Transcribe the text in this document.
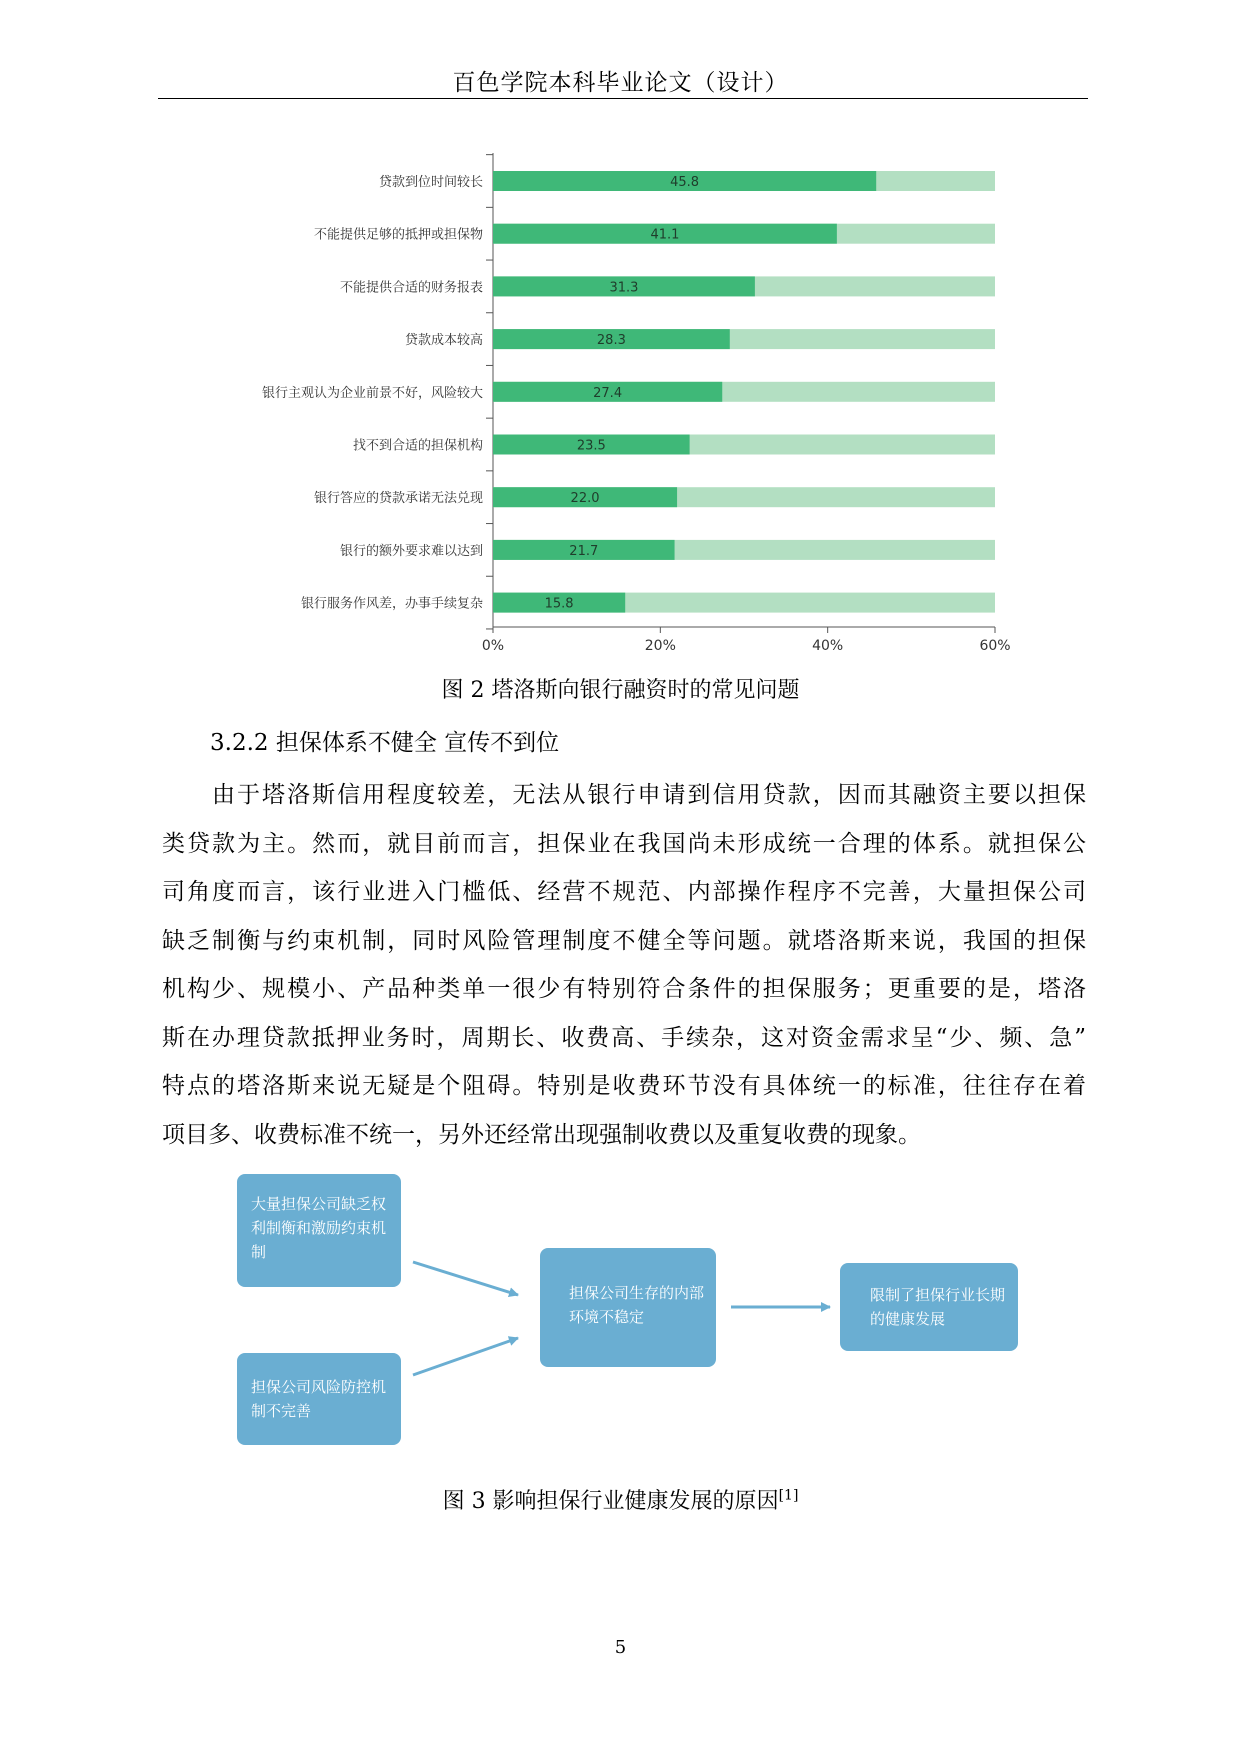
百色学院本科毕业论文（设计）
0%	20%	40%	60%
45.8
贷款到位时间较长
41.1
不能提供足够的抵押或担保物
31.3
不能提供合适的财务报表
28.3
贷款成本较高
27.4
银行主观认为企业前景不好，风险较大
23.5
找不到合适的担保机构
22.0
银行答应的贷款承诺无法兑现
21.7
银行的额外要求难以达到
15.8
银行服务作风差，办事手续复杂
图 2 塔洛斯向银行融资时的常见问题
3.2.2 担保体系不健全 宣传不到位
由于塔洛斯信用程度较差，无法从银行申请到信用贷款，因而其融资主要以担保
类贷款为主。然而，就目前而言，担保业在我国尚未形成统一合理的体系。就担保公
司角度而言，该行业进入门槛低、经营不规范、内部操作程序不完善，大量担保公司
缺乏制衡与约束机制，同时风险管理制度不健全等问题。就塔洛斯来说，我国的担保
机构少、规模小、产品种类单一很少有特别符合条件的担保服务；更重要的是，塔洛
斯在办理贷款抵押业务时，周期长、收费高、手续杂，这对资金需求呈“少、频、急”
特点的塔洛斯来说无疑是个阻碍。特别是收费环节没有具体统一的标准，往往存在着
项目多、收费标准不统一，另外还经常出现强制收费以及重复收费的现象。
大量担保公司缺乏权利制衡和激励约束机制
担保公司风险防控机制不完善
担保公司生存的内部环境不稳定
限制了担保行业长期的健康发展
图 3 影响担保行业健康发展的原因[1]
5
